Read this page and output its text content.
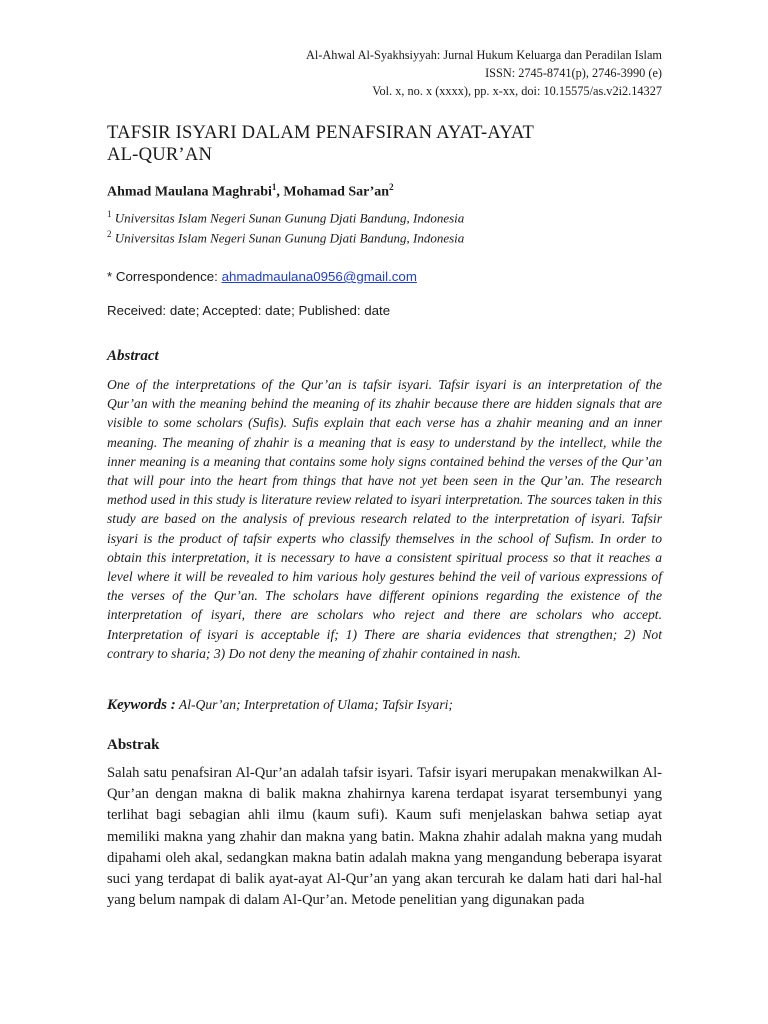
Al-Ahwal Al-Syakhsiyyah: Jurnal Hukum Keluarga dan Peradilan Islam
ISSN: 2745-8741(p), 2746-3990 (e)
Vol. x, no. x (xxxx), pp. x-xx, doi: 10.15575/as.v2i2.14327
TAFSIR ISYARI DALAM PENAFSIRAN AYAT-AYAT
AL-QUR’AN
Ahmad Maulana Maghrabi$^1$, Mohamad $Sar’an^2$
$^1$ Universitas Islam Negeri Sunan Gunung Djati Bandung, Indonesia
$^2$ Universitas Islam Negeri Sunan Gunung Djati Bandung, Indonesia
* Correspondence: ahmadmaulana0956@gmail.com
Received: date; Accepted: date; Published: date
Abstract

One of the interpretations of the Qur’an is tafsir isyari. Tafsir isyari is an interpretation of the Qur’an with the meaning behind the meaning of its zhahir because there are hidden signals that are visible to some scholars (Sufis). Sufis explain that each verse has a zhahir meaning and an inner meaning. The meaning of zhahir is a meaning that is easy to understand by the intellect, while the inner meaning is a meaning that contains some holy signs contained behind the verses of the Qur’an that will pour into the heart from things that have not yet been seen in the Qur’an. The research method used in this study is literature review related to isyari interpretation. The sources taken in this study are based on the analysis of previous research related to the interpretation of isyari. Tafsir isyari is the product of tafsir experts who classify themselves in the school of Sufism. In order to obtain this interpretation, it is necessary to have a consistent spiritual process so that it reaches a level where it will be revealed to him various holy gestures behind the veil of various expressions of the verses of the Qur’an. The scholars have different opinions regarding the existence of the interpretation of isyari, there are scholars who reject and there are scholars who accept. Interpretation of isyari is acceptable if; 1) There are sharia evidences that strengthen; 2) Not contrary to sharia; 3) Do not deny the meaning of zhahir contained in nash.

Keywords : Al-Qur’an; Interpretation of Ulama; Tafsir Isyari;
Abstrak

Salah satu penafsiran Al-Qur’an adalah tafsir isyari. Tafsir isyari merupakan menakwilkan Al-Qur’an dengan makna di balik makna zhahirnya karena terdapat isyarat tersembunyi yang terlihat bagi sebagian ahli ilmu (kaum sufi). Kaum sufi menjelaskan bahwa setiap ayat memiliki makna yang zhahir dan makna yang batin. Makna zhahir adalah makna yang mudah dipahami oleh akal, sedangkan makna batin adalah makna yang mengandung beberapa isyarat suci yang terdapat di balik ayat-ayat Al-Qur’an yang akan tercurah ke dalam hati dari hal-hal yang belum nampak di dalam Al-Qur’an. Metode penelitian yang digunakan pada
